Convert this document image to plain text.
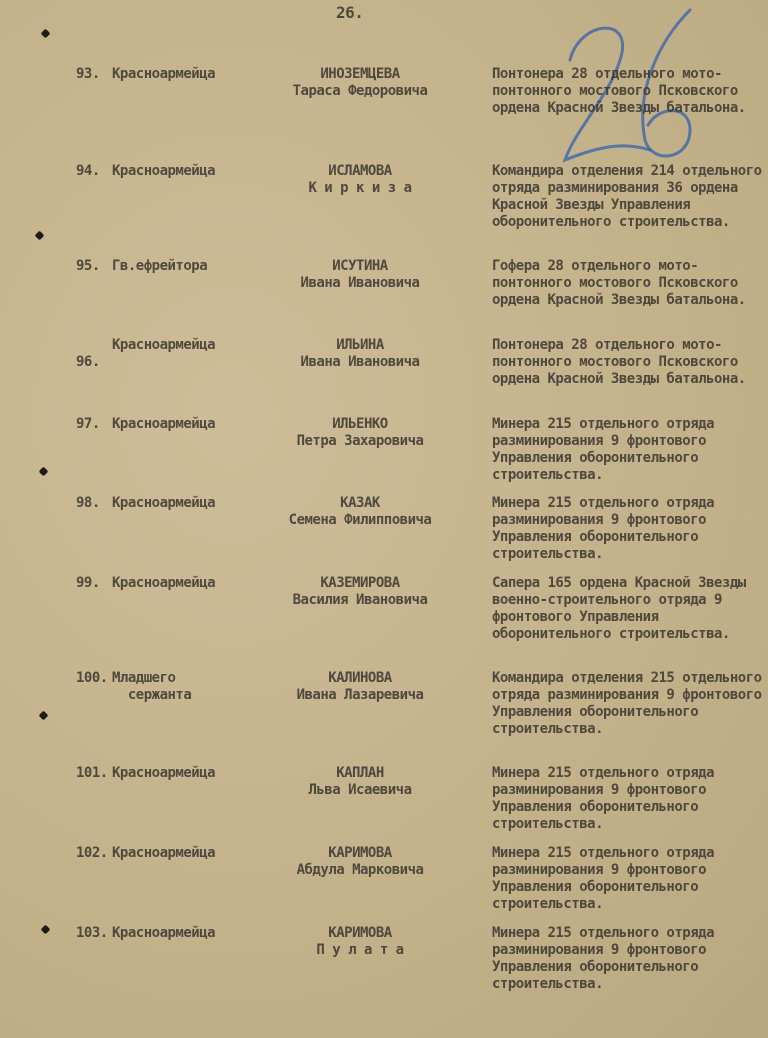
26.
93. Красноармейца	ИНОЗЕМЦЕВА
Тараса Федоровича
Понтонера 28 отдельного мото-понтонного мостового Псковского ордена Красной Звезды батальона.
94. Красноармейца	ИСЛАМОВА
К и р к и з а
Командира отделения 214 отдельного отряда разминирования 36 ордена Красной Звезды Управления оборонительного строительства.
95. Гв.ефрейтора	ИСУТИНА
Ивана Ивановича
Гофера 28 отдельного мото-понтонного мостового Псковского ордена Красной Звезды батальона.
96.
Красноармейца	ИЛЬИНА
Ивана Ивановича
Понтонера 28 отдельного мото-понтонного мостового Псковского ордена Красной Звезды батальона.
97. Красноармейца	ИЛЬЕНКО
Петра Захаровича
Минера 215 отдельного отряда разминирования 9 фронтового Управления оборонительного строительства.
98. Красноармейца	КАЗАК
Семена Филипповича
Минера 215 отдельного отряда разминирования 9 фронтового Управления оборонительного строительства.
99. Красноармейца	КАЗЕМИРОВА
Василия Ивановича
Сапера 165 ордена Красной Звезды военно-строительного отряда 9 фронтового Управления оборонительного строительства.
100. Младшего
сержанта
КАЛИНОВА
Ивана Лазаревича
Командира отделения 215 отдельного отряда разминирования 9 фронтового Управления оборонительного строительства.
101. Красноармейца	КАПЛАН
Льва Исаевича
Минера 215 отдельного отряда разминирования 9 фронтового Управления оборонительного строительства.
102. Красноармейца	КАРИМОВА
Абдула Марковича
Минера 215 отдельного отряда разминирования 9 фронтового Управления оборонительного строительства.
103. Красноармейца	КАРИМОВА
П у л а т а
Минера 215 отдельного отряда разминирования 9 фронтового Управления оборонительного строительства.
